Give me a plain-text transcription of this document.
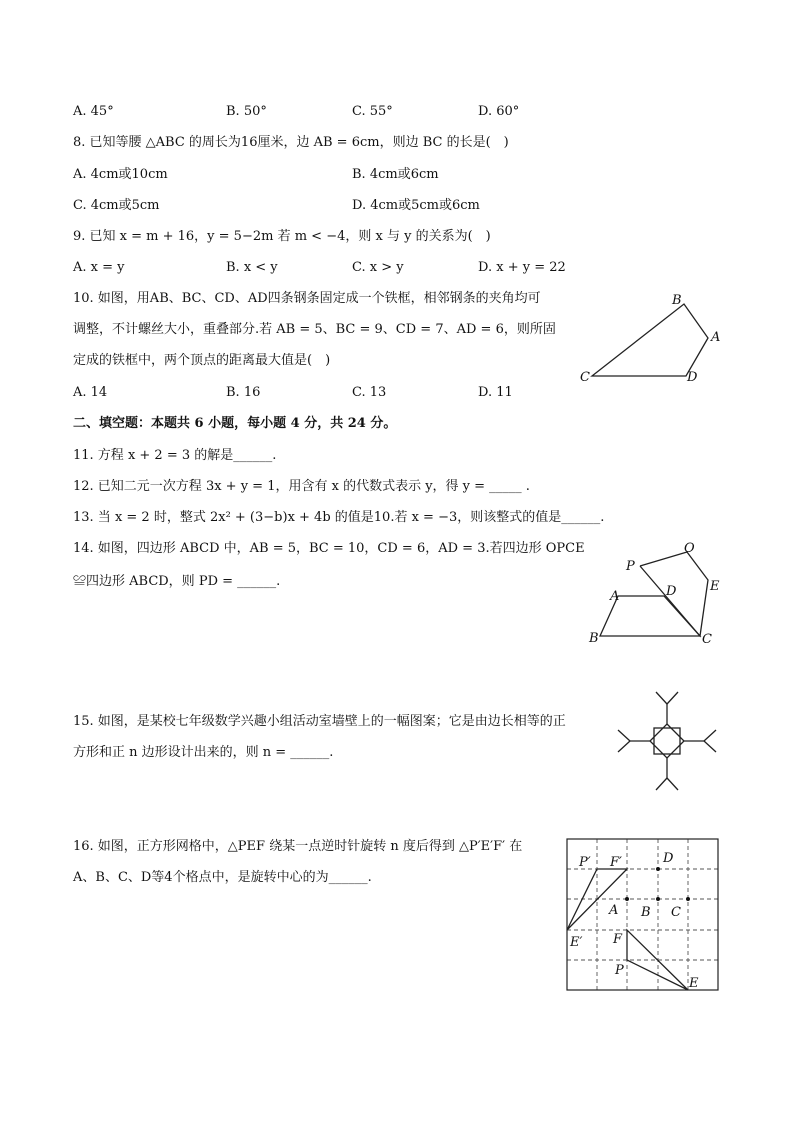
A. 45°	B. 50°	C. 55°	D. 60°
8. 已知等腰 △ABC 的周长为16厘米，边 AB = 6cm，则边 BC 的长是(　)
A. 4cm或10cm	B. 4cm或6cm
C. 4cm或5cm	D. 4cm或5cm或6cm
9. 已知 x = m + 16，y = 5−2m 若 m < −4，则 x 与 y 的关系为(　)
A. x = y	B. x < y	C. x > y	D. x + y = 22
10. 如图，用AB、BC、CD、AD四条钢条固定成一个铁框，相邻钢条的夹角均可
调整，不计螺丝大小，重叠部分.若 AB = 5、BC = 9、CD = 7、AD = 6，则所固
定成的铁框中，两个顶点的距离最大值是(　)
A. 14	B. 16	C. 13	D. 11
B
A
C	D
二、填空题：本题共 6 小题，每小题 4 分，共 24 分。
11. 方程 x + 2 = 3 的解是______.
12. 已知二元一次方程 3x + y = 1，用含有 x 的代数式表示 y，得 y = _____ .
13. 当 x = 2 时，整式 2x² + (3−b)x + 4b 的值是10.若 x = −3，则该整式的值是______.
14. 如图，四边形 ABCD 中，AB = 5，BC = 10，CD = 6，AD = 3.若四边形 OPCE
≌四边形 ABCD，则 PD = ______.
O
P
E
A	D
B	C
15. 如图，是某校七年级数学兴趣小组活动室墙壁上的一幅图案；它是由边长相等的正
方形和正 n 边形设计出来的，则 n = ______.
16. 如图，正方形网格中，△PEF 绕某一点逆时针旋转 n 度后得到 △P′E′F′ 在
A、B、C、D等4个格点中，是旋转中心的为______.
P′ F′	D
A B C
E′ F
P
E
